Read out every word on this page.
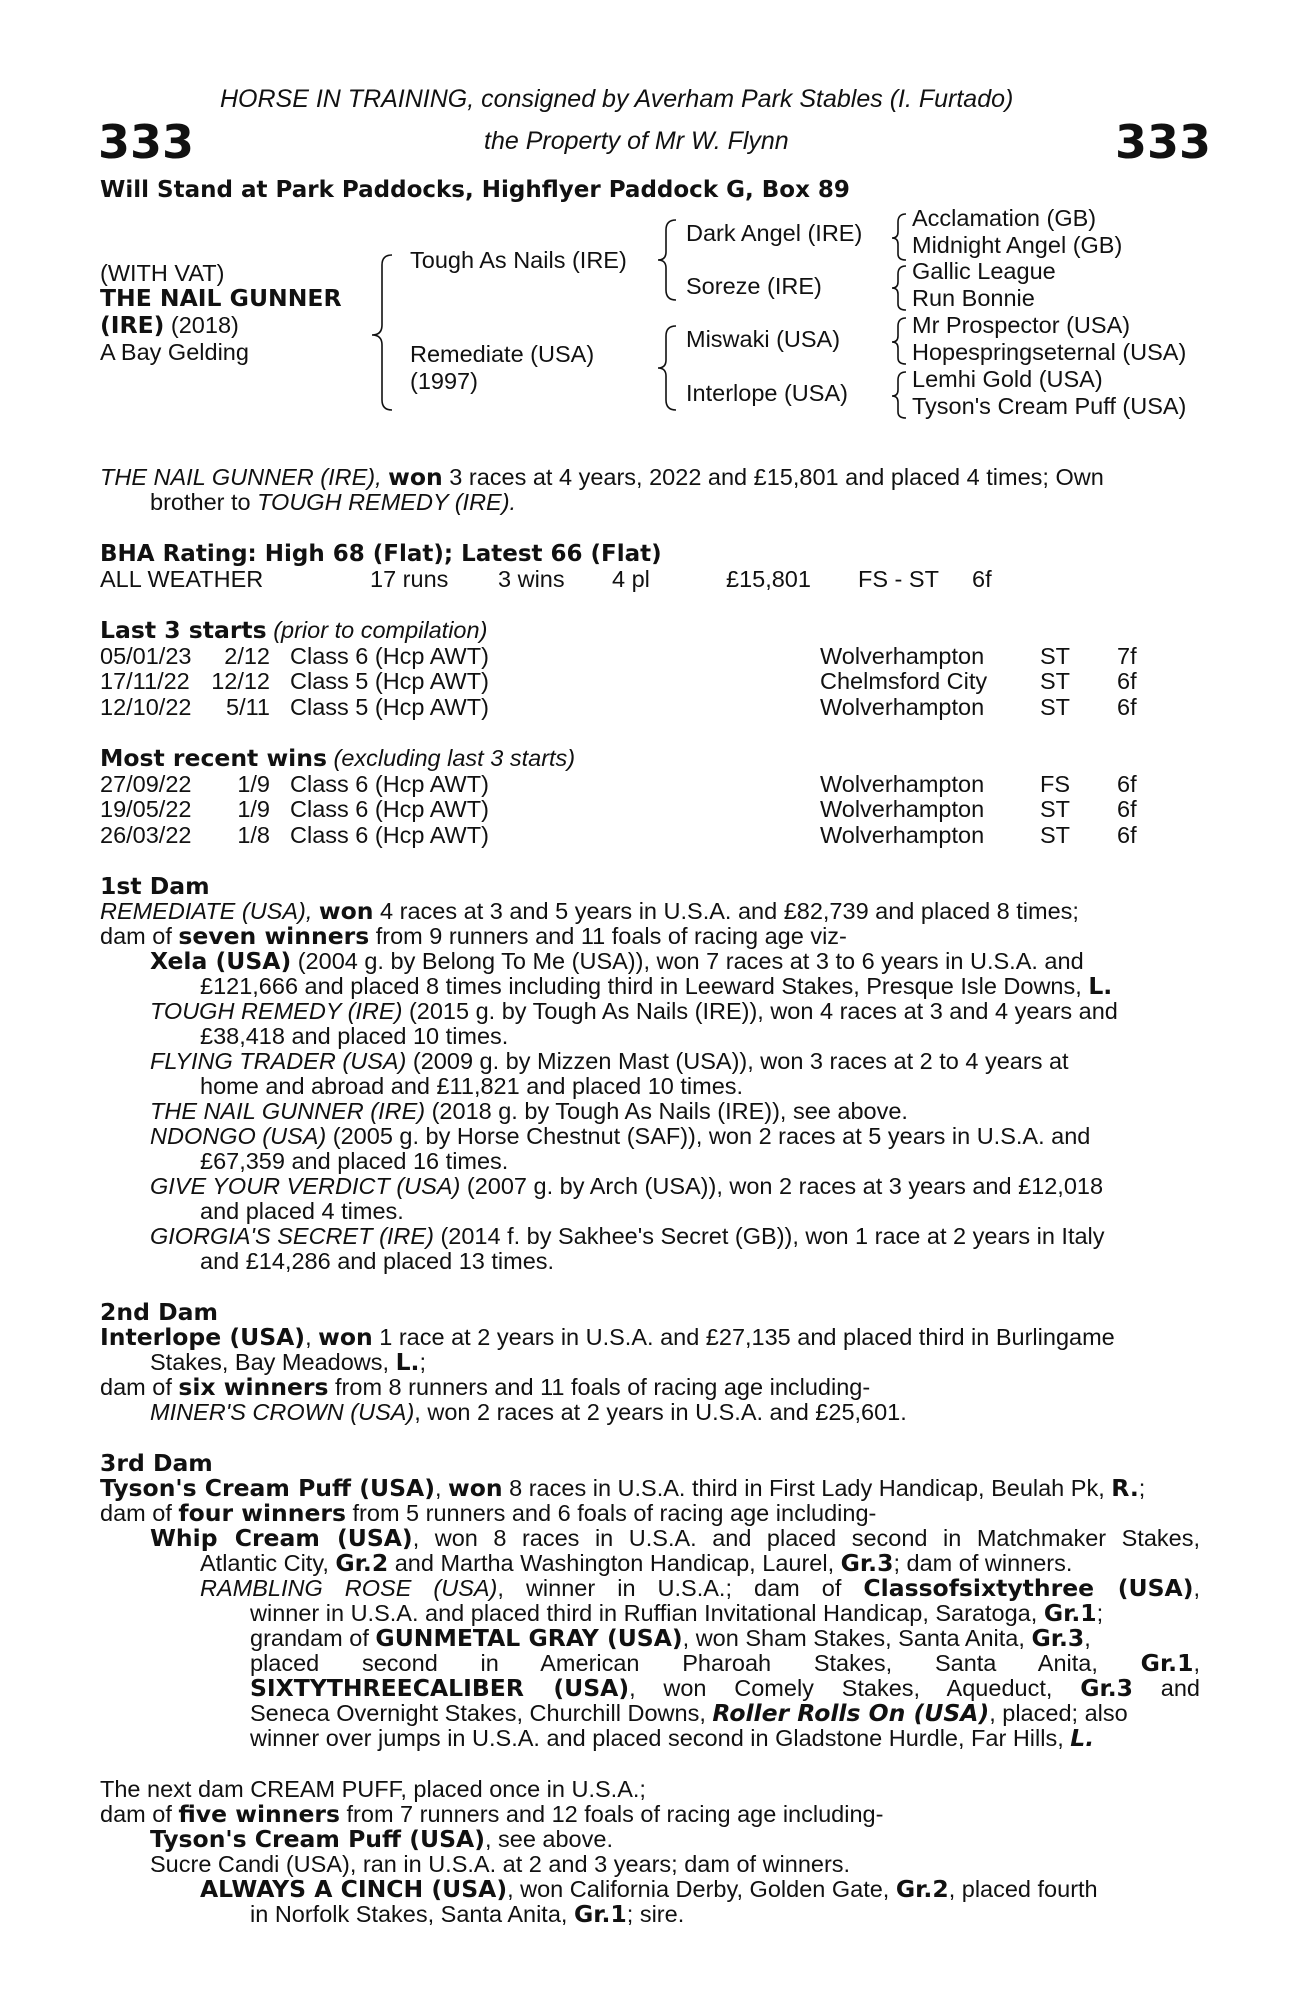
333	333
HORSE IN TRAINING, consigned by Averham Park Stables (I. Furtado)
the Property of Mr W. Flynn
Will Stand at Park Paddocks, Highflyer Paddock G, Box 89
(WITH VAT)
THE NAIL GUNNER
(IRE) (2018)
A Bay Gelding
Tough As Nails (IRE)
Remediate (USA)
(1997)
Dark Angel (IRE)
Soreze (IRE)
Miswaki (USA)
Interlope (USA)
Acclamation (GB)
Midnight Angel (GB)
Gallic League
Run Bonnie
Mr Prospector (USA)
Hopespringseternal (USA)
Lemhi Gold (USA)
Tyson's Cream Puff (USA)
THE NAIL GUNNER (IRE), won 3 races at 4 years, 2022 and £15,801 and placed 4 times; Own
brother to TOUGH REMEDY (IRE).
BHA Rating: High 68 (Flat); Latest 66 (Flat)
ALL WEATHER	17 runs 3 wins 4 pl	£15,801 FS - ST 6f
Last 3 starts (prior to compilation)
05/01/23 2/12 Class 6 (Hcp AWT)	Wolverhampton ST 7f
17/11/22 12/12 Class 5 (Hcp AWT)	Chelmsford City ST 6f
12/10/22 5/11 Class 5 (Hcp AWT)	Wolverhampton ST 6f
Most recent wins (excluding last 3 starts)
27/09/22 1/9 Class 6 (Hcp AWT)	Wolverhampton FS 6f
19/05/22 1/9 Class 6 (Hcp AWT)	Wolverhampton ST 6f
26/03/22 1/8 Class 6 (Hcp AWT)	Wolverhampton ST 6f
1st Dam
REMEDIATE (USA), won 4 races at 3 and 5 years in U.S.A. and £82,739 and placed 8 times;
dam of seven winners from 9 runners and 11 foals of racing age viz-
Xela (USA) (2004 g. by Belong To Me (USA)), won 7 races at 3 to 6 years in U.S.A. and
£121,666 and placed 8 times including third in Leeward Stakes, Presque Isle Downs, L.
TOUGH REMEDY (IRE) (2015 g. by Tough As Nails (IRE)), won 4 races at 3 and 4 years and
£38,418 and placed 10 times.
FLYING TRADER (USA) (2009 g. by Mizzen Mast (USA)), won 3 races at 2 to 4 years at
home and abroad and £11,821 and placed 10 times.
THE NAIL GUNNER (IRE) (2018 g. by Tough As Nails (IRE)), see above.
NDONGO (USA) (2005 g. by Horse Chestnut (SAF)), won 2 races at 5 years in U.S.A. and
£67,359 and placed 16 times.
GIVE YOUR VERDICT (USA) (2007 g. by Arch (USA)), won 2 races at 3 years and £12,018
and placed 4 times.
GIORGIA'S SECRET (IRE) (2014 f. by Sakhee's Secret (GB)), won 1 race at 2 years in Italy
and £14,286 and placed 13 times.
2nd Dam
Interlope (USA), won 1 race at 2 years in U.S.A. and £27,135 and placed third in Burlingame
Stakes, Bay Meadows, L.;
dam of six winners from 8 runners and 11 foals of racing age including-
MINER'S CROWN (USA), won 2 races at 2 years in U.S.A. and £25,601.
3rd Dam
Tyson's Cream Puff (USA), won 8 races in U.S.A. third in First Lady Handicap, Beulah Pk, R.;
dam of four winners from 5 runners and 6 foals of racing age including-
Whip Cream (USA), won 8 races in U.S.A. and placed second in Matchmaker Stakes,
Atlantic City, Gr.2 and Martha Washington Handicap, Laurel, Gr.3; dam of winners.
RAMBLING ROSE (USA), winner in U.S.A.; dam of Classofsixtythree (USA),
winner in U.S.A. and placed third in Ruffian Invitational Handicap, Saratoga, Gr.1;
grandam of GUNMETAL GRAY (USA), won Sham Stakes, Santa Anita, Gr.3,
placed second in American Pharoah Stakes, Santa Anita, Gr.1,
SIXTYTHREECALIBER (USA), won Comely Stakes, Aqueduct, Gr.3 and
Seneca Overnight Stakes, Churchill Downs, Roller Rolls On (USA), placed; also
winner over jumps in U.S.A. and placed second in Gladstone Hurdle, Far Hills, L.
The next dam CREAM PUFF, placed once in U.S.A.;
dam of five winners from 7 runners and 12 foals of racing age including-
Tyson's Cream Puff (USA), see above.
Sucre Candi (USA), ran in U.S.A. at 2 and 3 years; dam of winners.
ALWAYS A CINCH (USA), won California Derby, Golden Gate, Gr.2, placed fourth
in Norfolk Stakes, Santa Anita, Gr.1; sire.
